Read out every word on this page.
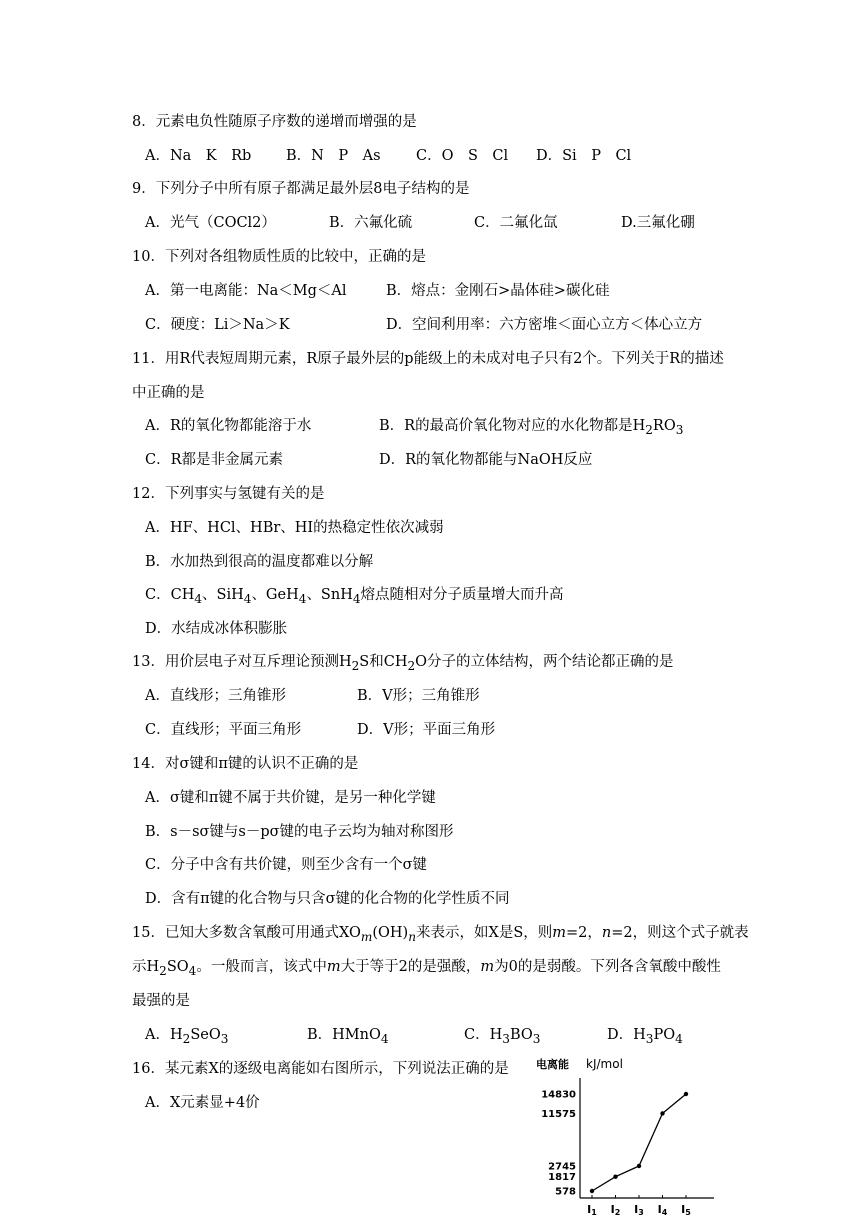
8．元素电负性随原子序数的递增而增强的是
A．Na　K　Rb B．N　P　As C．O　S　Cl D．Si　P　Cl
9．下列分子中所有原子都满足最外层8电子结构的是
A．光气（COCl2）	B．六氟化硫	C．二氟化氙	D.三氟化硼
10．下列对各组物质性质的比较中，正确的是
A．第一电离能：Na＜Mg＜Al	B．熔点：金刚石>晶体硅>碳化硅
C．硬度：Li＞Na＞K	D．空间利用率：六方密堆＜面心立方＜体心立方
11．用R代表短周期元素，R原子最外层的p能级上的未成对电子只有2个。下列关于R的描述
中正确的是
A．R的氧化物都能溶于水	B．R的最高价氧化物对应的水化物都是$H_2RO_3$
C．R都是非金属元素	D．R的氧化物都能与NaOH反应
12．下列事实与氢键有关的是
A．HF、HCl、HBr、HI的热稳定性依次减弱
B．水加热到很高的温度都难以分解
C．$CH_4$、SiH$_4$、GeH$_4$、SnH$_4$熔点随相对分子质量增大而升高
D．水结成冰体积膨胀
13．用价层电子对互斥理论预测$H_2S$和$CH_2O$分子的立体结构，两个结论都正确的是
A．直线形；三角锥形	B．V形；三角锥形
C．直线形；平面三角形	D．V形；平面三角形
14．对σ键和π键的认识不正确的是
A．σ键和π键不属于共价键，是另一种化学键
B．s－sσ键与s－pσ键的电子云均为轴对称图形
C．分子中含有共价键，则至少含有一个σ键
D．含有π键的化合物与只含σ键的化合物的化学性质不同
15．已知大多数含氧酸可用通式$XO_m(OH)_n$来表示，如X是S，则m=2，n=2，则这个式子就表
示$H_2SO_4$。一般而言，该式中m大于等于2的是强酸，m为0的是弱酸。下列各含氧酸中酸性
最强的是
A．$H_2SeO_3$	B．HMnO$_4$	C．$H_3BO_3$	D．$H_3PO_4$
16．某元素X的逐级电离能如右图所示，下列说法正确的是
A．X元素显+4价
电离能 kJ/mol
14830
11575
2745
1817
578
I1 I2 I3 I4 I5
